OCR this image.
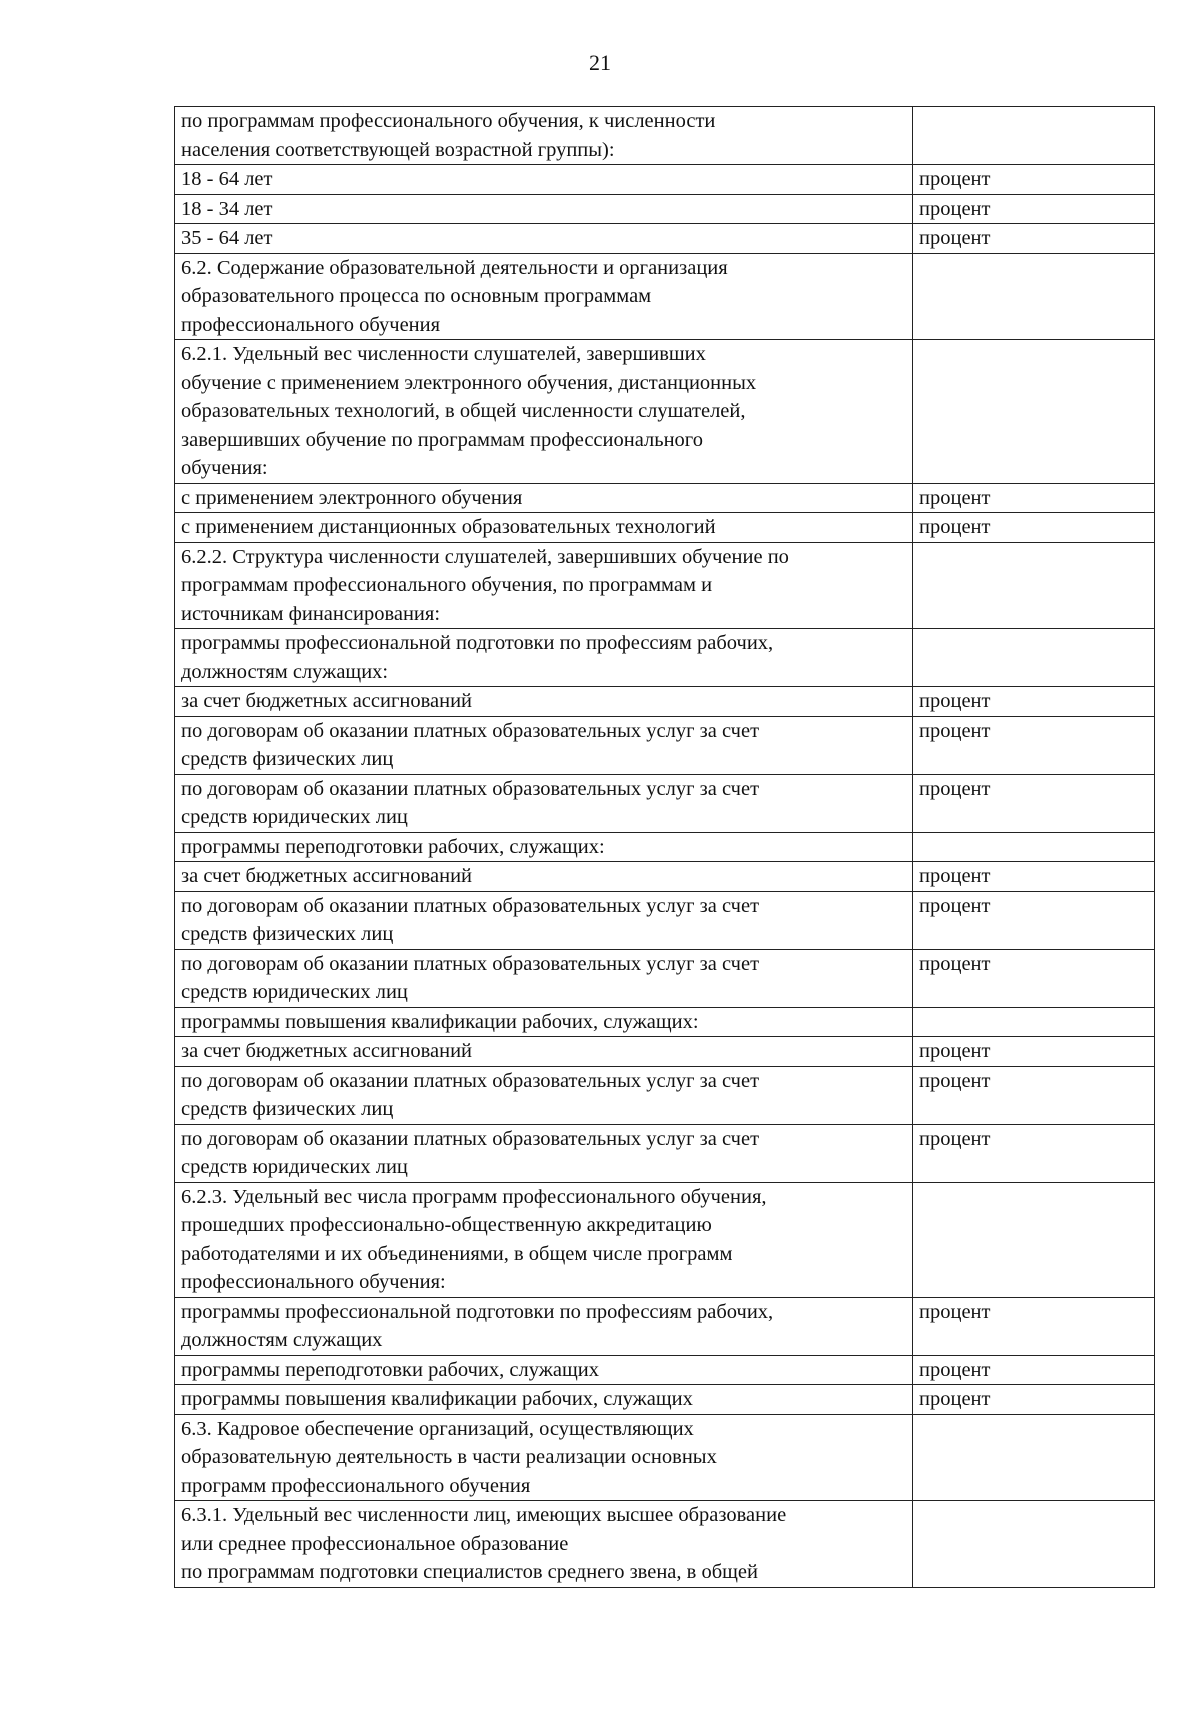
21
по программам профессионального обучения, к численности
населения соответствующей возрастной группы):	
18 - 64 лет	процент
18 - 34 лет	процент
35 - 64 лет	процент
6.2. Содержание образовательной деятельности и организация
образовательного процесса по основным программам
профессионального обучения	
6.2.1. Удельный вес численности слушателей, завершивших
обучение с применением электронного обучения, дистанционных
образовательных технологий, в общей численности слушателей,
завершивших обучение по программам профессионального
обучения:	
с применением электронного обучения	процент
с применением дистанционных образовательных технологий	процент
6.2.2. Структура численности слушателей, завершивших обучение по
программам профессионального обучения, по программам и
источникам финансирования:	
программы профессиональной подготовки по профессиям рабочих,
должностям служащих:	
за счет бюджетных ассигнований	процент
по договорам об оказании платных образовательных услуг за счет
средств физических лиц	процент
по договорам об оказании платных образовательных услуг за счет
средств юридических лиц	процент
программы переподготовки рабочих, служащих:	
за счет бюджетных ассигнований	процент
по договорам об оказании платных образовательных услуг за счет
средств физических лиц	процент
по договорам об оказании платных образовательных услуг за счет
средств юридических лиц	процент
программы повышения квалификации рабочих, служащих:	
за счет бюджетных ассигнований	процент
по договорам об оказании платных образовательных услуг за счет
средств физических лиц	процент
по договорам об оказании платных образовательных услуг за счет
средств юридических лиц	процент
6.2.3. Удельный вес числа программ профессионального обучения,
прошедших профессионально-общественную аккредитацию
работодателями и их объединениями, в общем числе программ
профессионального обучения:	
программы профессиональной подготовки по профессиям рабочих,
должностям служащих	процент
программы переподготовки рабочих, служащих	процент
программы повышения квалификации рабочих, служащих	процент
6.3. Кадровое обеспечение организаций, осуществляющих
образовательную деятельность в части реализации основных
программ профессионального обучения	
6.3.1. Удельный вес численности лиц, имеющих высшее образование
или среднее профессиональное образование
по программам подготовки специалистов среднего звена, в общей	
